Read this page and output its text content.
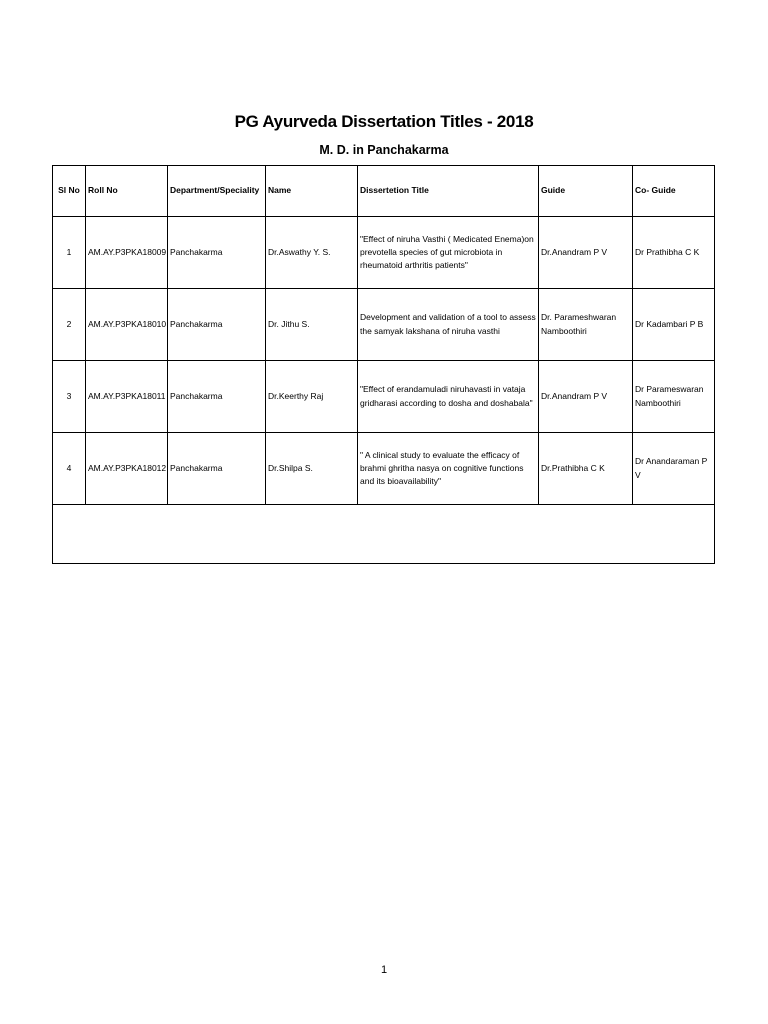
PG Ayurveda Dissertation Titles - 2018
M. D. in Panchakarma
Sl No	Roll No	Department/Speciality	Name	Dissertetion Title	Guide	Co- Guide
1	AM.AY.P3PKA18009	Panchakarma	Dr.Aswathy Y. S.	"Effect of niruha Vasthi ( Medicated Enema)on prevotella species of gut microbiota in rheumatoid arthritis patients"	Dr.Anandram P V	Dr Prathibha C K
2	AM.AY.P3PKA18010	Panchakarma	Dr. Jithu S.	Development and validation of a tool to assess the samyak lakshana of niruha vasthi	Dr. Parameshwaran Namboothiri	Dr Kadambari P B
3	AM.AY.P3PKA18011	Panchakarma	Dr.Keerthy Raj	"Effect of erandamuladi niruhavasti in vataja gridharasi according to dosha and doshabala"	Dr.Anandram P V	Dr Parameswaran Namboothiri
4	AM.AY.P3PKA18012	Panchakarma	Dr.Shilpa S.	" A clinical study to evaluate the efficacy of brahmi ghritha nasya on cognitive functions and its bioavailability"	Dr.Prathibha C K	Dr Anandaraman P V

1
